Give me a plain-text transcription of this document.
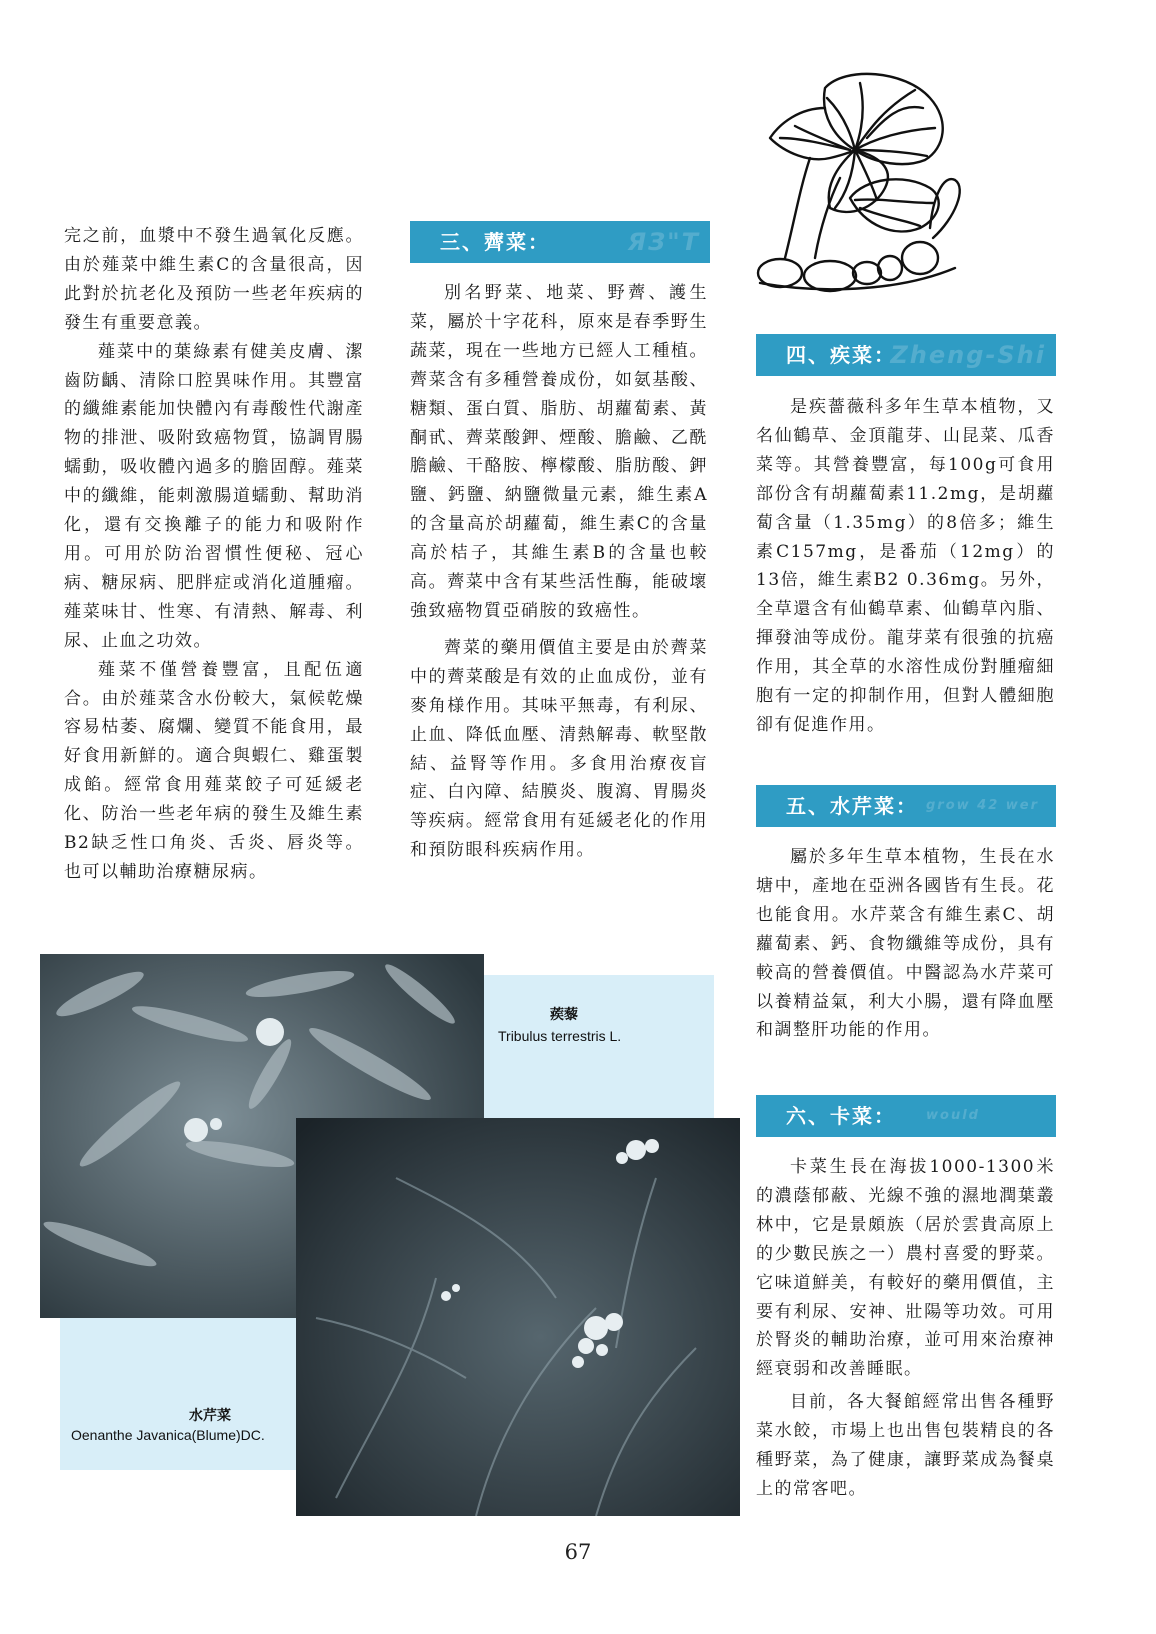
完之前，血漿中不發生過氧化反應。由於薤菜中維生素C的含量很高，因此對於抗老化及預防一些老年疾病的發生有重要意義。

薤菜中的葉綠素有健美皮膚、潔齒防齲、清除口腔異味作用。其豐富的纖維素能加快體內有毒酸性代謝產物的排泄、吸附致癌物質，協調胃腸蠕動，吸收體內過多的膽固醇。薤菜中的纖維，能刺激腸道蠕動、幫助消化，還有交換離子的能力和吸附作用。可用於防治習慣性便秘、冠心病、糖尿病、肥胖症或消化道腫瘤。薤菜味甘、性寒、有清熱、解毒、利尿、止血之功效。

薤菜不僅營養豐富，且配伍適合。由於薤菜含水份較大，氣候乾燥容易枯萎、腐爛、變質不能食用，最好食用新鮮的。適合與蝦仁、雞蛋製成餡。經常食用薤菜餃子可延緩老化、防治一些老年病的發生及維生素B2缺乏性口角炎、舌炎、唇炎等。也可以輔助治療糖尿病。

三、薺菜：	ЯЗ"Т

別名野菜、地菜、野薺、護生菜，屬於十字花科，原來是春季野生蔬菜，現在一些地方已經人工種植。薺菜含有多種營養成份，如氨基酸、糖類、蛋白質、脂肪、胡蘿蔔素、黃酮甙、薺菜酸鉀、煙酸、膽鹼、乙酰膽鹼、干酪胺、檸檬酸、脂肪酸、鉀鹽、鈣鹽、納鹽微量元素，維生素A的含量高於胡蘿蔔，維生素C的含量高於桔子，其維生素B的含量也較高。薺菜中含有某些活性酶，能破壞強致癌物質亞硝胺的致癌性。

薺菜的藥用價值主要是由於薺菜中的薺菜酸是有效的止血成份，並有麥角様作用。其味平無毒，有利尿、止血、降低血壓、清熱解毒、軟堅散結、益腎等作用。多食用治療夜盲症、白內障、結膜炎、腹瀉、胃腸炎等疾病。經常食用有延緩老化的作用和預防眼科疾病作用。

四、疾菜：
Zheng-Shi

是疾薔薇科多年生草本植物，又名仙鶴草、金頂龍芽、山昆菜、瓜香菜等。其營養豐富，每100g可食用部份含有胡蘿蔔素11.2mg，是胡蘿蔔含量（1.35mg）的8倍多；維生素C157mg，是番茄（12mg）的13倍，維生素B2 0.36mg。另外，全草還含有仙鶴草素、仙鶴草內脂、揮發油等成份。龍芽菜有很強的抗癌作用，其全草的水溶性成份對腫瘤細胞有一定的抑制作用，但對人體細胞卻有促進作用。

五、水芹菜： grow 42 wer

屬於多年生草本植物，生長在水塘中，產地在亞洲各國皆有生長。花也能食用。水芹菜含有維生素C、胡蘿蔔素、鈣、食物纖維等成份，具有較高的營養價值。中醫認為水芹菜可以養精益氣，利大小腸，還有降血壓和調整肝功能的作用。

六、卡菜： would

卡菜生長在海拔1000-1300米的濃蔭郁蔽、光線不強的濕地潤葉叢林中，它是景頗族（居於雲貴高原上的少數民族之一）農村喜愛的野菜。它味道鮮美，有較好的藥用價值，主要有利尿、安神、壯陽等功效。可用於腎炎的輔助治療，並可用來治療神經衰弱和改善睡眠。

目前，各大餐館經常出售各種野菜水餃，市場上也出售包裝精良的各種野菜，為了健康，讓野菜成為餐桌上的常客吧。

蒺藜
Tribulus terrestris L.
水芹菜
Oenanthe Javanica(Blume)DC.
67
